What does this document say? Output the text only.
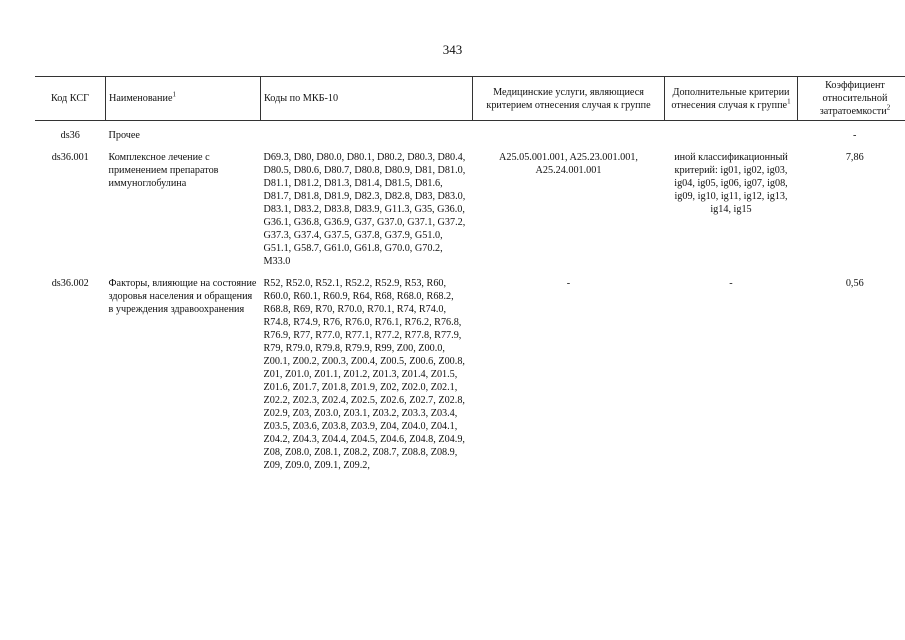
343
Код КСГ	Наименование$^1$	Коды по МКБ-10	Медицинские услуги, являющиеся критерием отнесения случая к группе	Дополнительные критерии отнесения случая к группе$^1$	Коэффициент относительной затратоемкости$^2$

ds36	Прочее				-
ds36.001	Комплексное лечение с применением препаратов иммуноглобулина	D69.3, D80, D80.0, D80.1, D80.2, D80.3, D80.4, D80.5, D80.6, D80.7, D80.8, D80.9, D81, D81.0, D81.1, D81.2, D81.3, D81.4, D81.5, D81.6, D81.7, D81.8, D81.9, D82.3, D82.8, D83, D83.0, D83.1, D83.2, D83.8, D83.9, G11.3, G35, G36.0, G36.1, G36.8, G36.9, G37, G37.0, G37.1, G37.2, G37.3, G37.4, G37.5, G37.8, G37.9, G51.0, G51.1, G58.7, G61.0, G61.8, G70.0, G70.2, M33.0	A25.05.001.001, A25.23.001.001, A25.24.001.001	иной классификационный критерий: ig01, ig02, ig03, ig04, ig05, ig06, ig07, ig08, ig09, ig10, ig11, ig12, ig13, ig14, ig15	7,86
ds36.002	Факторы, влияющие на состояние здоровья населения и обращения в учреждения здравоохранения	R52, R52.0, R52.1, R52.2, R52.9, R53, R60, R60.0, R60.1, R60.9, R64, R68, R68.0, R68.2, R68.8, R69, R70, R70.0, R70.1, R74, R74.0, R74.8, R74.9, R76, R76.0, R76.1, R76.2, R76.8, R76.9, R77, R77.0, R77.1, R77.2, R77.8, R77.9, R79, R79.0, R79.8, R79.9, R99, Z00, Z00.0, Z00.1, Z00.2, Z00.3, Z00.4, Z00.5, Z00.6, Z00.8, Z01, Z01.0, Z01.1, Z01.2, Z01.3, Z01.4, Z01.5, Z01.6, Z01.7, Z01.8, Z01.9, Z02, Z02.0, Z02.1, Z02.2, Z02.3, Z02.4, Z02.5, Z02.6, Z02.7, Z02.8, Z02.9, Z03, Z03.0, Z03.1, Z03.2, Z03.3, Z03.4, Z03.5, Z03.6, Z03.8, Z03.9, Z04, Z04.0, Z04.1, Z04.2, Z04.3, Z04.4, Z04.5, Z04.6, Z04.8, Z04.9, Z08, Z08.0, Z08.1, Z08.2, Z08.7, Z08.8, Z08.9, Z09, Z09.0, Z09.1, Z09.2,	-	-	0,56
